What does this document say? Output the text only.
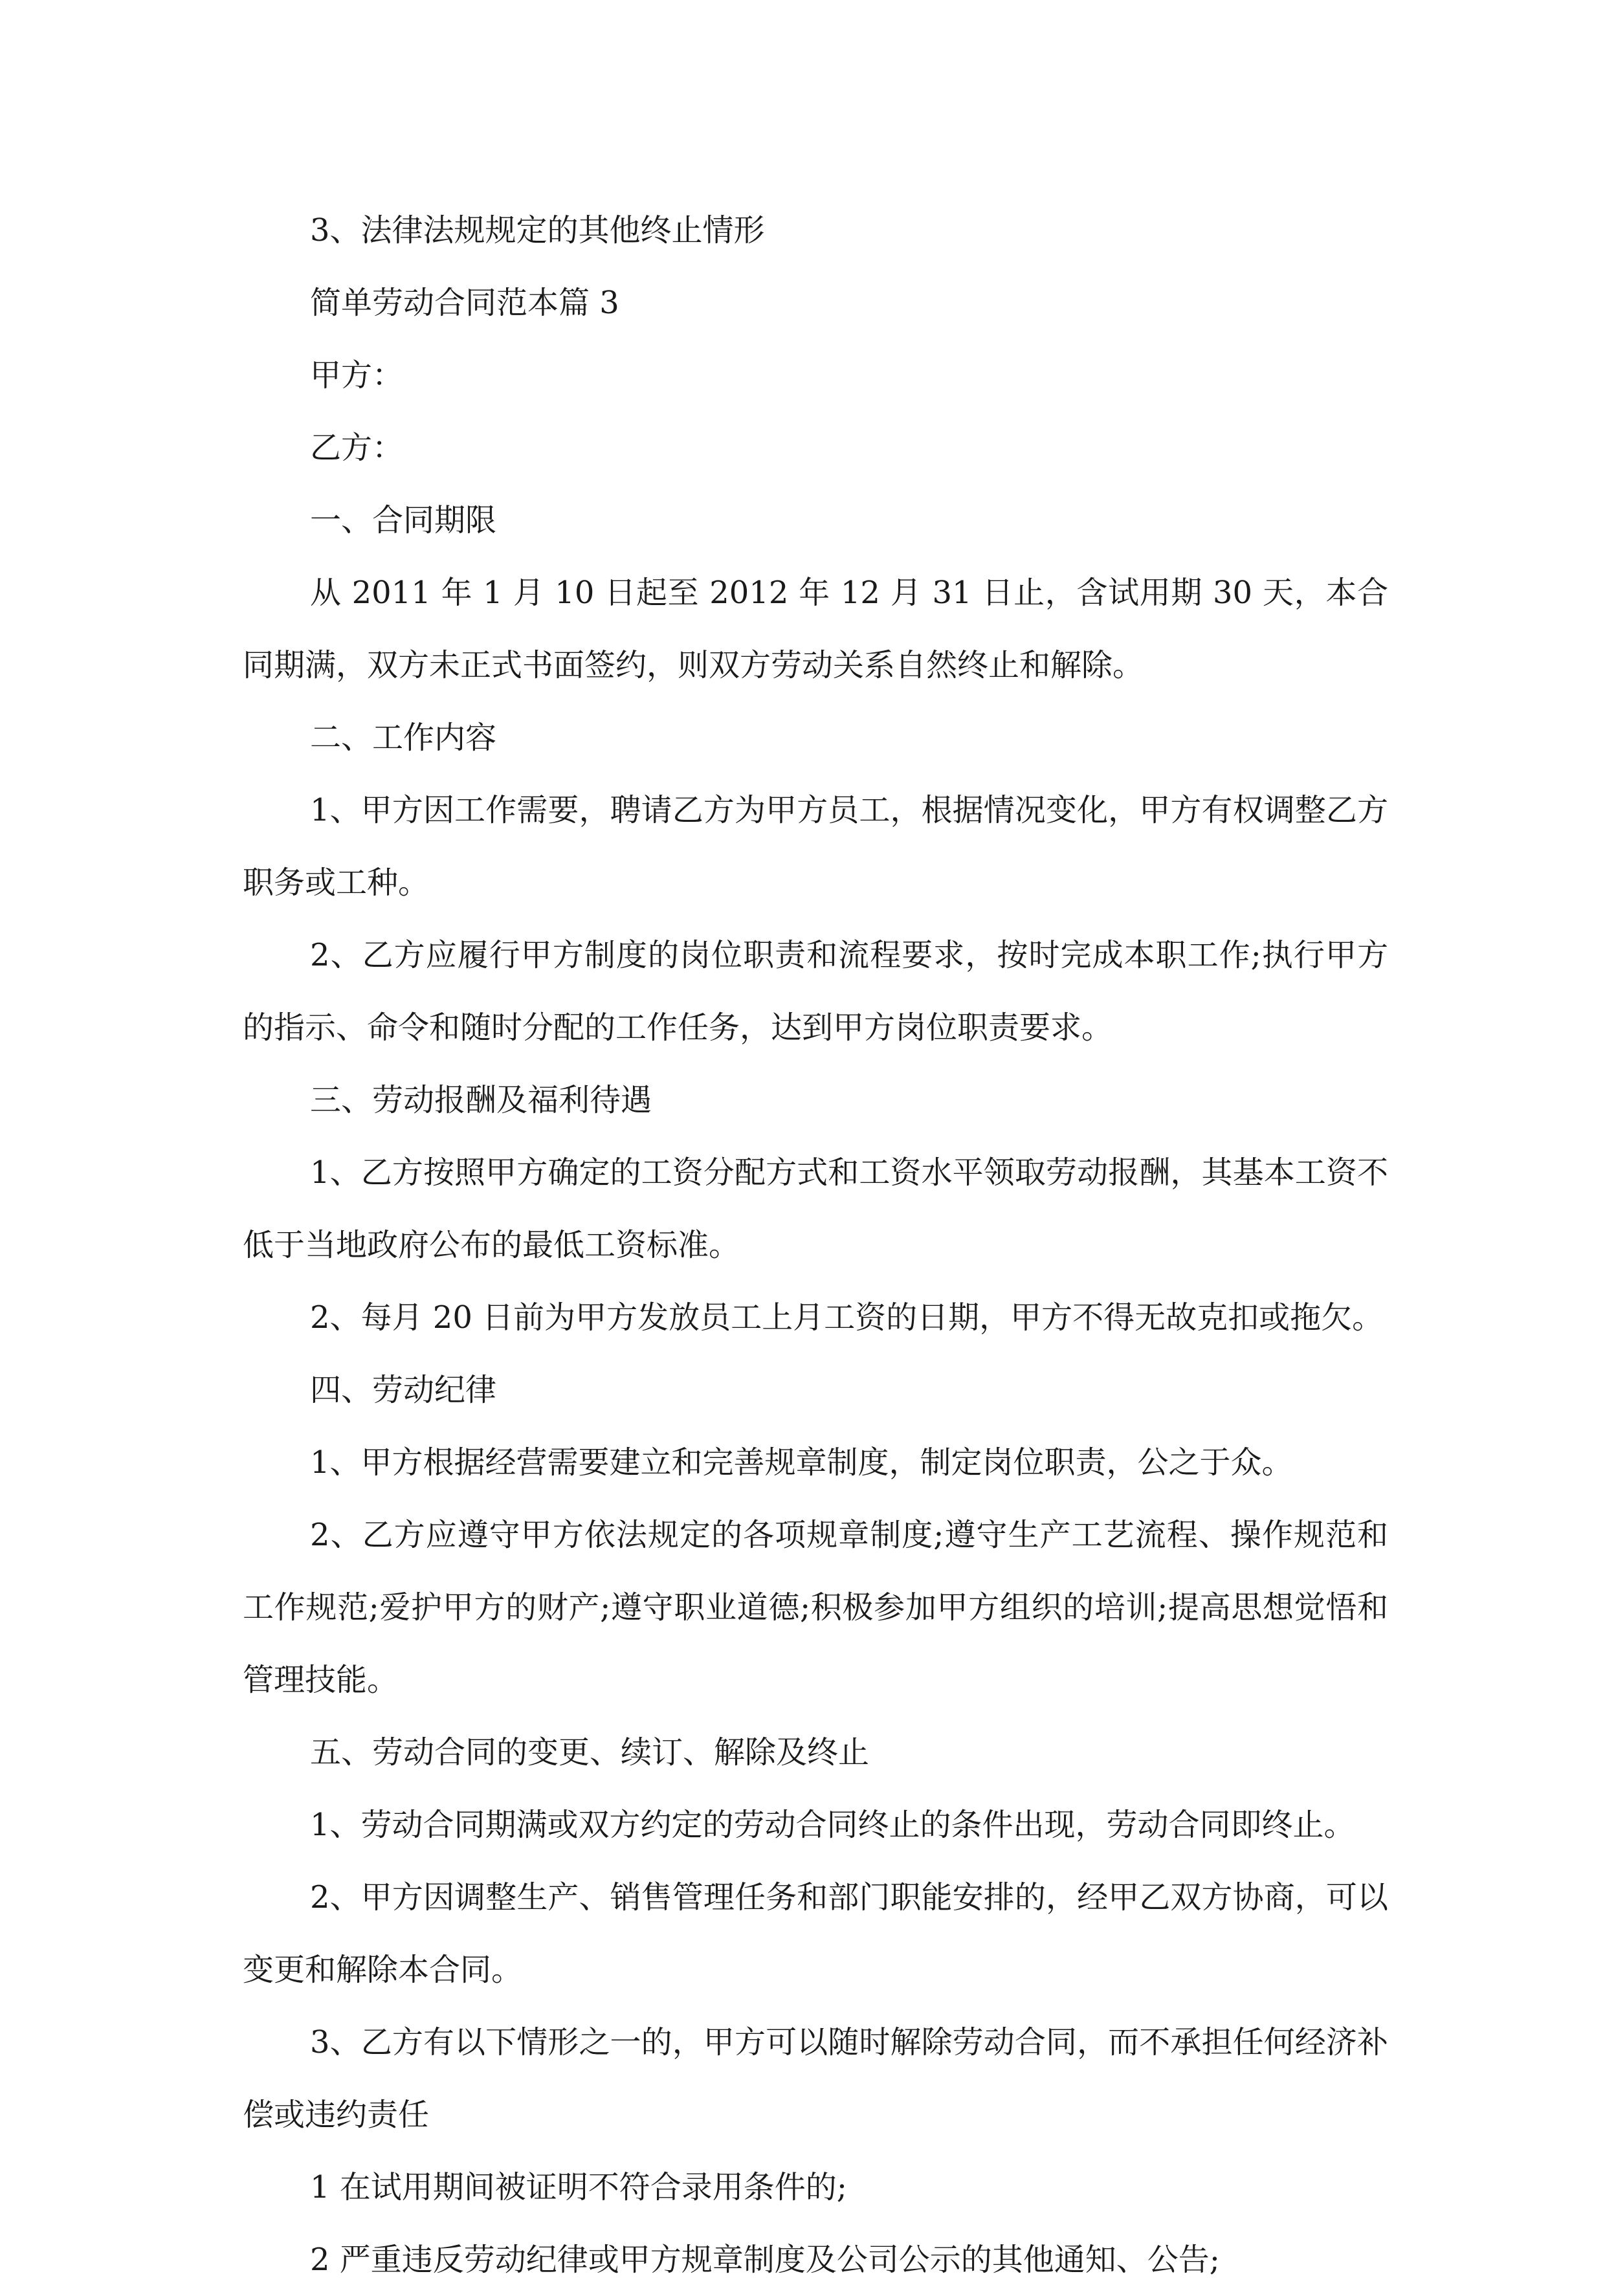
3、法律法规规定的其他终止情形

简单劳动合同范本篇 3

甲方：

乙方：

一、合同期限

从 2011 年 1 月 10 日起至 2012 年 12 月 31 日止，含试用期 30 天，本合同期满，双方未正式书面签约，则双方劳动关系自然终止和解除。

二、工作内容

1、甲方因工作需要，聘请乙方为甲方员工，根据情况变化，甲方有权调整乙方职务或工种。

2、乙方应履行甲方制度的岗位职责和流程要求，按时完成本职工作;执行甲方的指示、命令和随时分配的工作任务，达到甲方岗位职责要求。

三、劳动报酬及福利待遇

1、乙方按照甲方确定的工资分配方式和工资水平领取劳动报酬，其基本工资不低于当地政府公布的最低工资标准。

2、每月 20 日前为甲方发放员工上月工资的日期，甲方不得无故克扣或拖欠。

四、劳动纪律

1、甲方根据经营需要建立和完善规章制度，制定岗位职责，公之于众。

2、乙方应遵守甲方依法规定的各项规章制度;遵守生产工艺流程、操作规范和工作规范;爱护甲方的财产;遵守职业道德;积极参加甲方组织的培训;提高思想觉悟和管理技能。

五、劳动合同的变更、续订、解除及终止

1、劳动合同期满或双方约定的劳动合同终止的条件出现，劳动合同即终止。

2、甲方因调整生产、销售管理任务和部门职能安排的，经甲乙双方协商，可以变更和解除本合同。

3、乙方有以下情形之一的，甲方可以随时解除劳动合同，而不承担任何经济补偿或违约责任

1 在试用期间被证明不符合录用条件的;

2 严重违反劳动纪律或甲方规章制度及公司公示的其他通知、公告;
